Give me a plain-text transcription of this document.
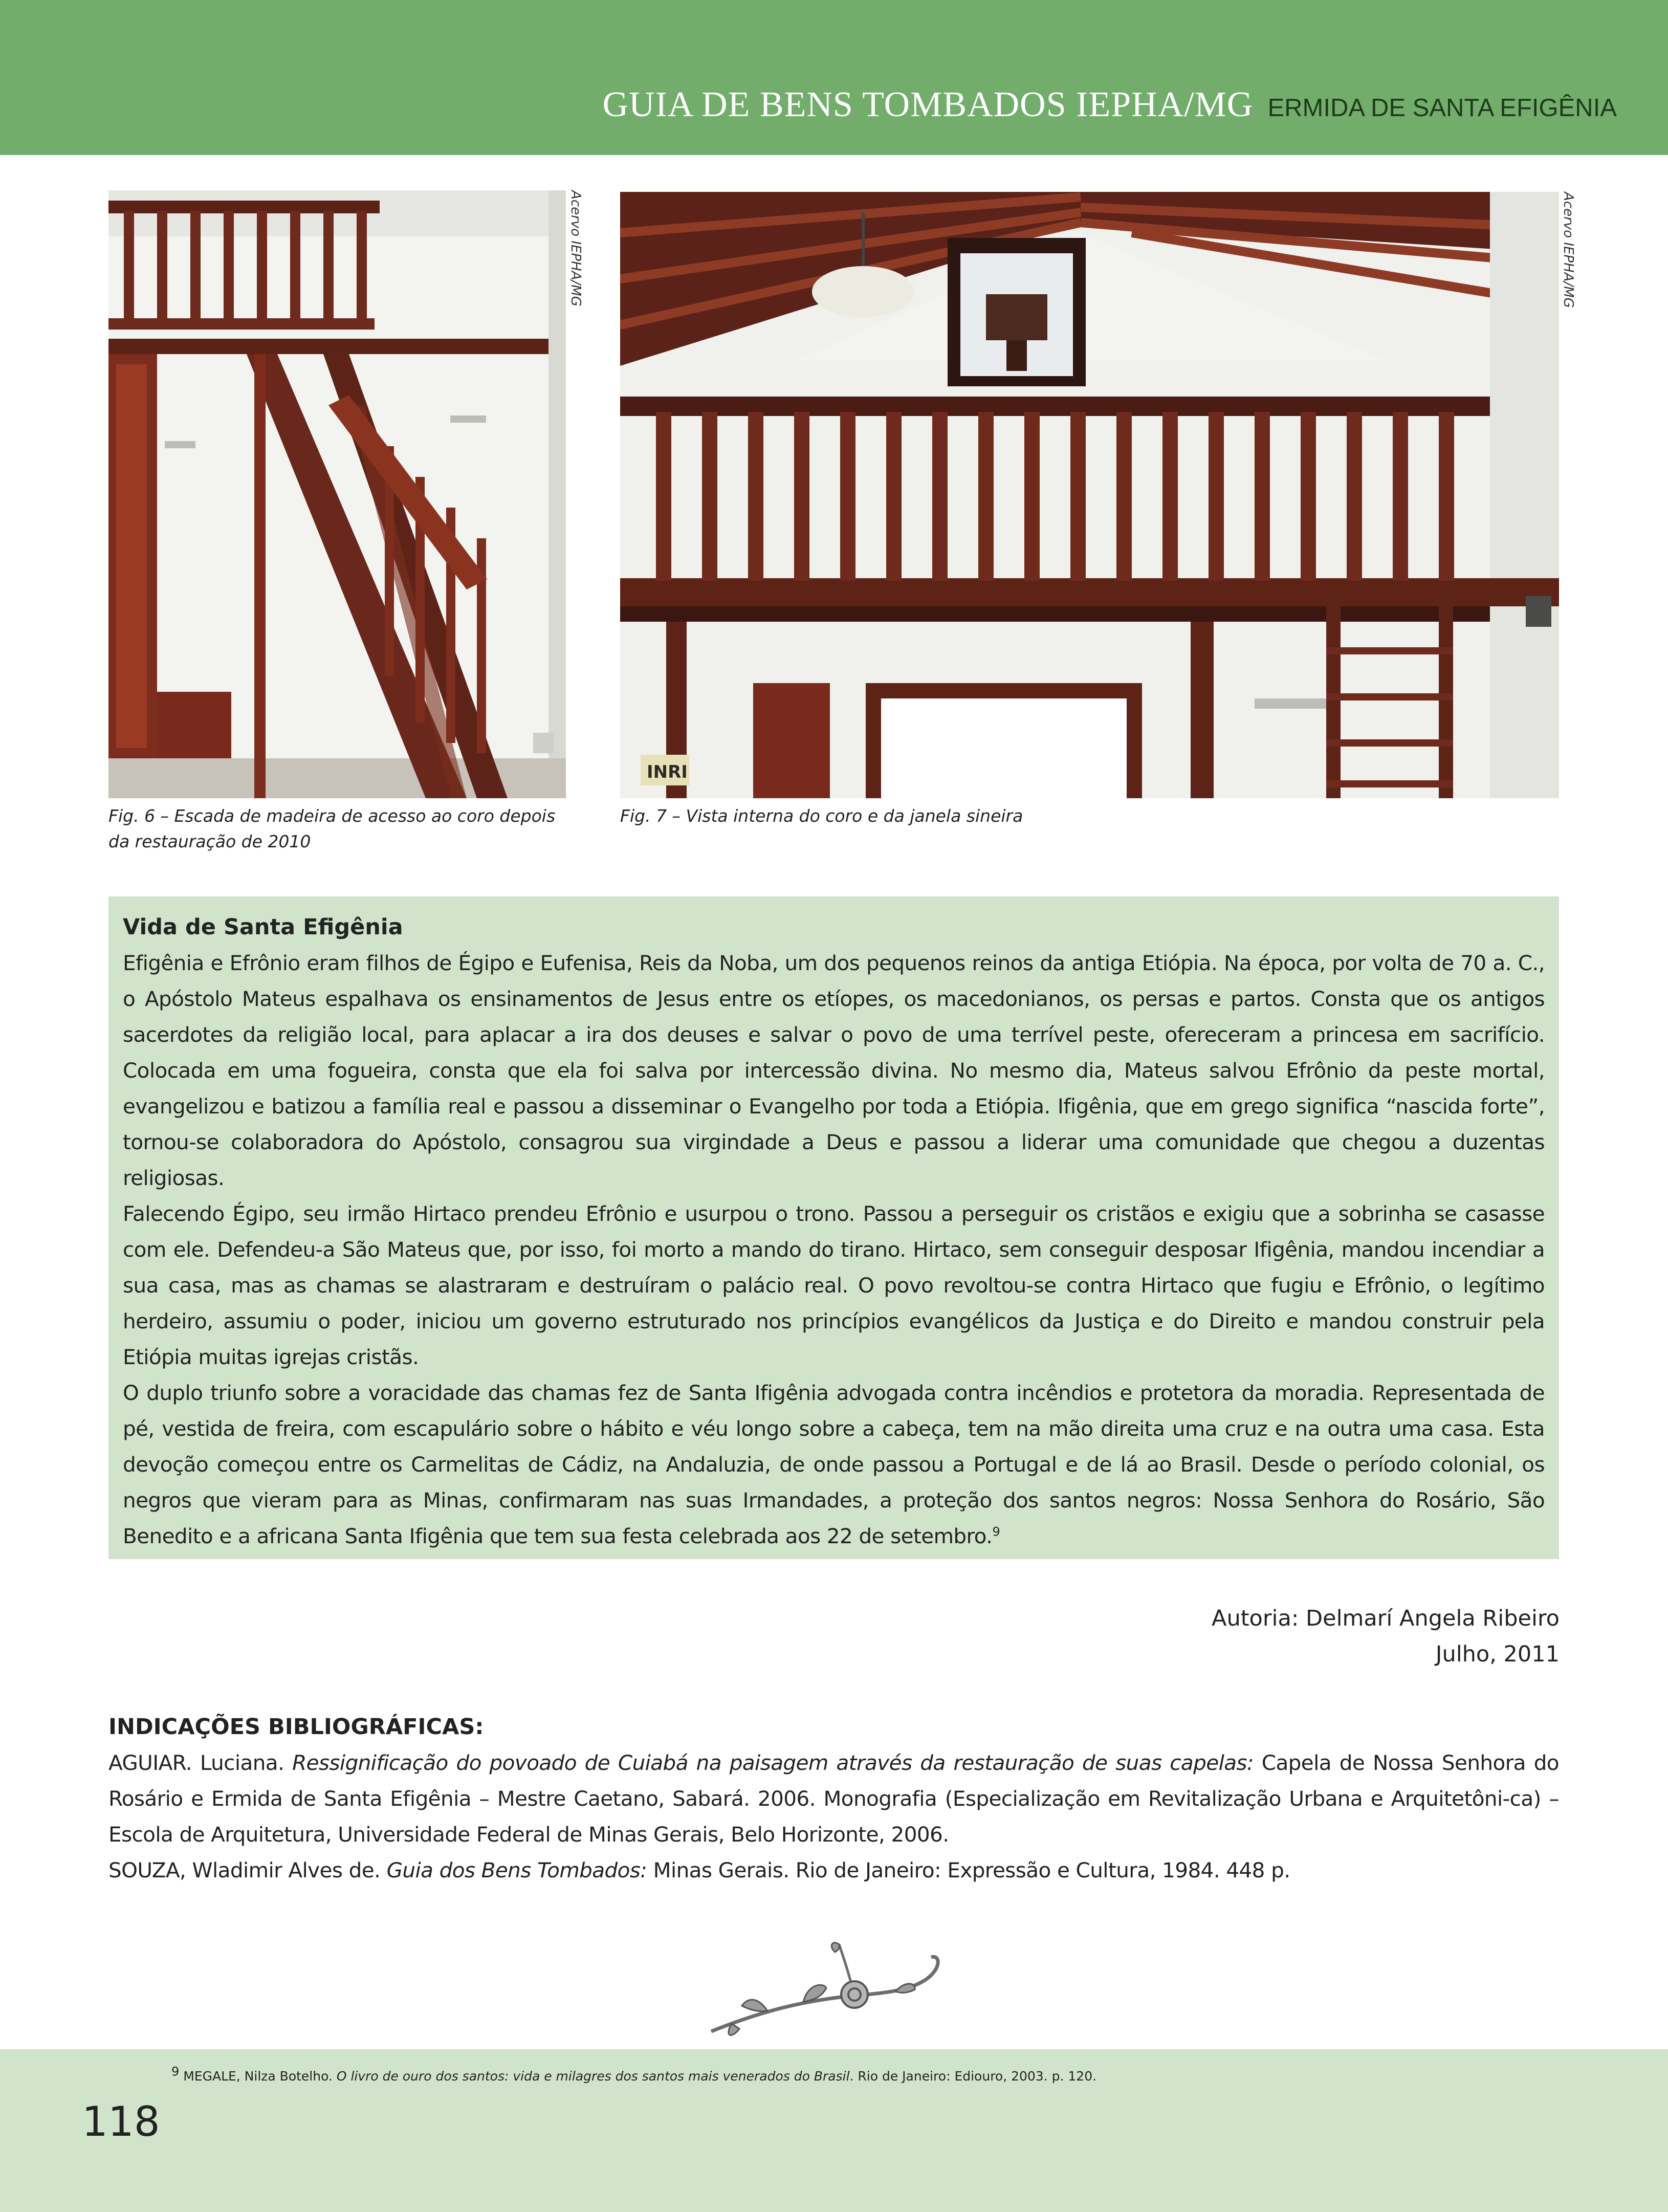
GUIA DE BENS TOMBADOS IEPHA/MG ERMIDA DE SANTA EFIGÊNIA
Acervo IEPHA/MG
Fig. 6 – Escada de madeira de acesso ao coro depois da restauração de 2010
INRI
Acervo IEPHA/MG
Fig. 7 – Vista interna do coro e da janela sineira
Vida de Santa Efigênia

Efigênia e Efrônio eram filhos de Égipo e Eufenisa, Reis da Noba, um dos pequenos reinos da antiga Etiópia. Na época, por volta de 70 a. C., o Apóstolo Mateus espalhava os ensinamentos de Jesus entre os etíopes, os macedonianos, os persas e partos. Consta que os antigos sacerdotes da religião local, para aplacar a ira dos deuses e salvar o povo de uma terrível peste, ofereceram a princesa em sacrifício. Colocada em uma fogueira, consta que ela foi salva por intercessão divina. No mesmo dia, Mateus salvou Efrônio da peste mortal, evangelizou e batizou a família real e passou a disseminar o Evangelho por toda a Etiópia. Ifigênia, que em grego significa “nascida forte”, tornou-se colaboradora do Apóstolo, consagrou sua virgindade a Deus e passou a liderar uma comunidade que chegou a duzentas religiosas.

Falecendo Égipo, seu irmão Hirtaco prendeu Efrônio e usurpou o trono. Passou a perseguir os cristãos e exigiu que a sobrinha se casasse com ele. Defendeu-a São Mateus que, por isso, foi morto a mando do tirano. Hirtaco, sem conseguir desposar Ifigênia, mandou incendiar a sua casa, mas as chamas se alastraram e destruíram o palácio real. O povo revoltou-se contra Hirtaco que fugiu e Efrônio, o legítimo herdeiro, assumiu o poder, iniciou um governo estruturado nos princípios evangélicos da Justiça e do Direito e mandou construir pela Etiópia muitas igrejas cristãs.

O duplo triunfo sobre a voracidade das chamas fez de Santa Ifigênia advogada contra incêndios e protetora da moradia. Representada de pé, vestida de freira, com escapulário sobre o hábito e véu longo sobre a cabeça, tem na mão direita uma cruz e na outra uma casa. Esta devoção começou entre os Carmelitas de Cádiz, na Andaluzia, de onde passou a Portugal e de lá ao Brasil. Desde o período colonial, os negros que vieram para as Minas, confirmaram nas suas Irmandades, a proteção dos santos negros: Nossa Senhora do Rosário, São Benedito e a africana Santa Ifigênia que tem sua festa celebrada aos 22 de setembro.$^9$

Autoria: Delmarí Angela Ribeiro
Julho, 2011
INDICAÇÕES BIBLIOGRÁFICAS:

AGUIAR. Luciana. Ressignificação do povoado de Cuiabá na paisagem através da restauração de suas capelas: Capela de Nossa Senhora do Rosário e Ermida de Santa Efigênia – Mestre Caetano, Sabará. 2006. Monografia (Especialização em Revitalização Urbana e Arquitetôni-ca) – Escola de Arquitetura, Universidade Federal de Minas Gerais, Belo Horizonte, 2006.

SOUZA, Wladimir Alves de. Guia dos Bens Tombados: Minas Gerais. Rio de Janeiro: Expressão e Cultura, 1984. 448 p.

$^9$ MEGALE, Nilza Botelho. O livro de ouro dos santos: vida e milagres dos santos mais venerados do Brasil. Rio de Janeiro: Ediouro, 2003. p. 120.
118
